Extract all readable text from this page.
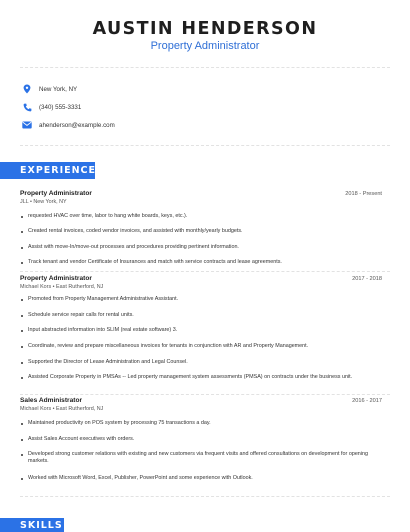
AUSTIN HENDERSON
Property Administrator
New York, NY
(340) 555-3331
ahenderson@example.com
EXPERIENCE
Property Administrator	2018 - Present
JLL • New York, NY
requested HVAC over time, labor to hang white boards, keys, etc.).
Created rental invoices, coded vendor invoices, and assisted with monthly/yearly budgets.
Assist with move-In/move-out processes and procedures providing pertinent information.
Track tenant and vendor Certificate of Insurances and match with service contracts and lease agreements.
Property Administrator	2017 - 2018
Michael Kors • East Rutherford, NJ
Promoted from Property Management Administrative Assistant.
Schedule service repair calls for rental units.
Input abstracted information into SLIM (real estate software) 3.
Coordinate, review and prepare miscellaneous invoices for tenants in conjunction with AR and Property Management.
Supported the Director of Lease Administration and Legal Counsel.
Assisted Corporate Property in PMSAs -- Led property management system assessments (PMSA) on contracts under the business unit.
Sales Administrator	2016 - 2017
Michael Kors • East Rutherford, NJ
Maintained productivity on POS system by processing 75 transactions a day.
Assist Sales Account executives with orders.
Developed strong customer relations with existing and new customers via frequent visits and offered consultations on development for opening markets.
Worked with Microsoft Word, Excel, Publisher, PowerPoint and some experience with Outlook.
SKILLS
